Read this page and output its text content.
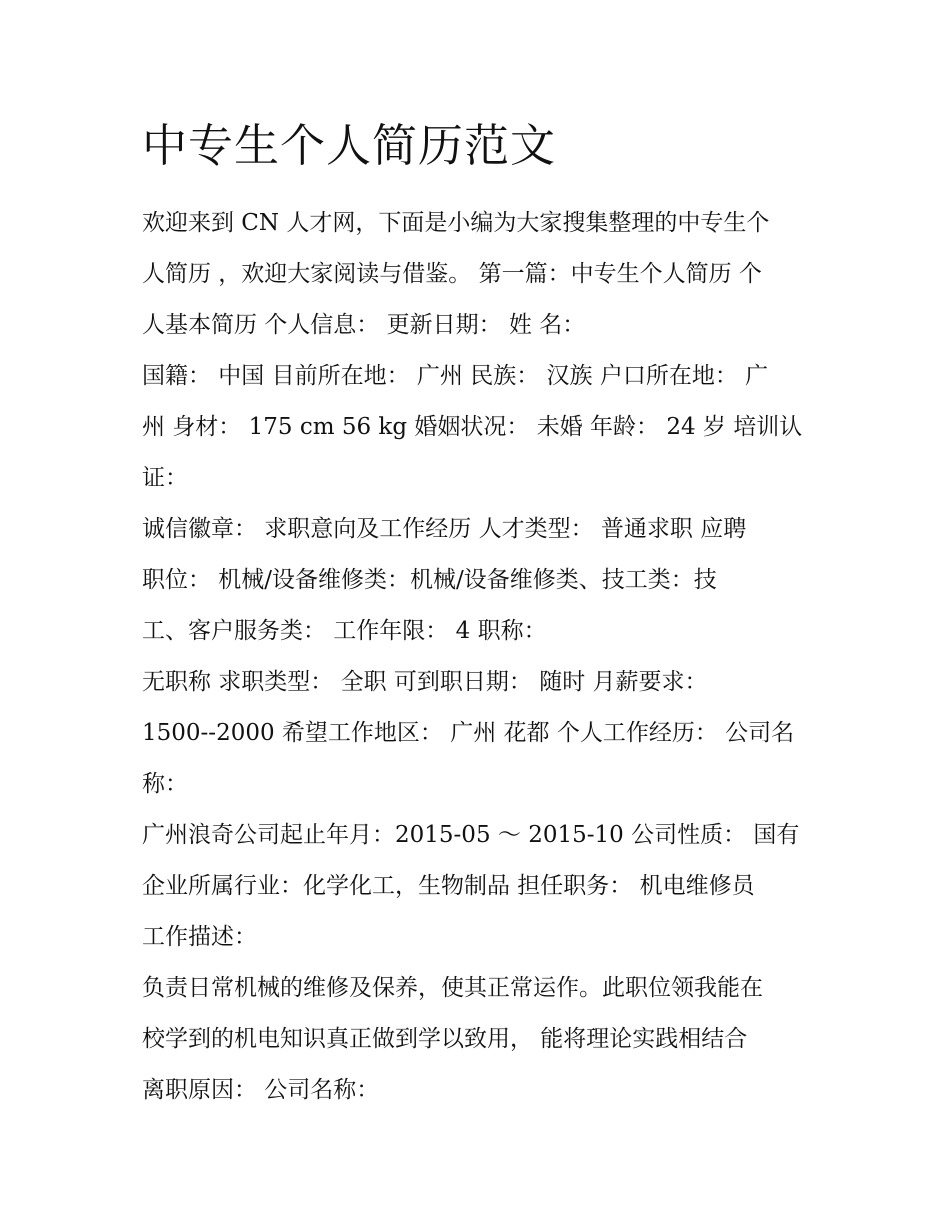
中专生个人简历范文

欢迎来到 CN 人才网，下面是小编为大家搜集整理的中专生个
人简历 ，欢迎大家阅读与借鉴。 第一篇：中专生个人简历 个
人基本简历 个人信息： 更新日期： 姓 名：

国籍： 中国 目前所在地： 广州 民族： 汉族 户口所在地： 广
州 身材： 175 cm 56 kg 婚姻状况： 未婚 年龄： 24 岁 培训认
证：

诚信徽章： 求职意向及工作经历 人才类型： 普通求职 应聘
职位： 机械/设备维修类：机械/设备维修类、技工类：技
工、客户服务类： 工作年限： 4 职称：

无职称 求职类型： 全职 可到职日期： 随时 月薪要求：

1500--2000 希望工作地区： 广州 花都 个人工作经历： 公司名
称：

广州浪奇公司起止年月：2015-05 ～ 2015-10 公司性质： 国有
企业所属行业：化学化工，生物制品 担任职务： 机电维修员
工作描述：

负责日常机械的维修及保养，使其正常运作。此职位领我能在
校学到的机电知识真正做到学以致用， 能将理论实践相结合
离职原因： 公司名称：
